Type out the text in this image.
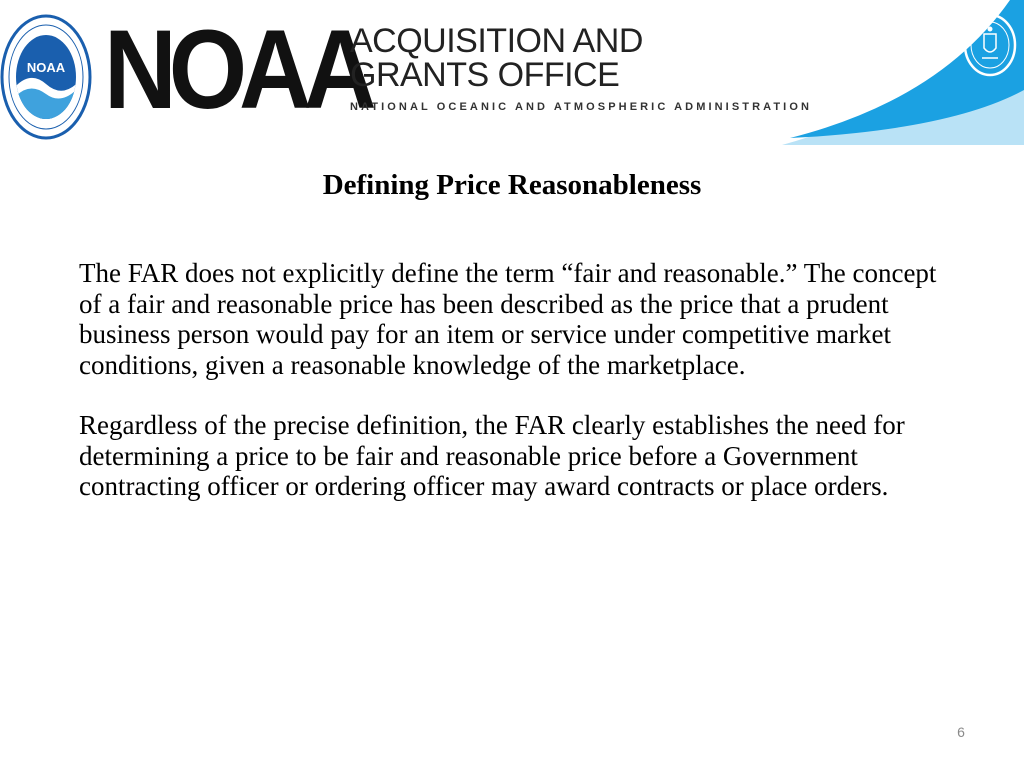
NOAA NOAA
ACQUISITION AND
GRANTS OFFICE
NATIONAL OCEANIC AND ATMOSPHERIC ADMINISTRATION
Defining Price Reasonableness

The FAR does not explicitly define the term “fair and reasonable.” The concept of a fair and reasonable price has been described as the price that a prudent business person would pay for an item or service under competitive market conditions, given a reasonable knowledge of the marketplace.

Regardless of the precise definition, the FAR clearly establishes the need for determining a price to be fair and reasonable price before a Government contracting officer or ordering officer may award contracts or place orders.

6
